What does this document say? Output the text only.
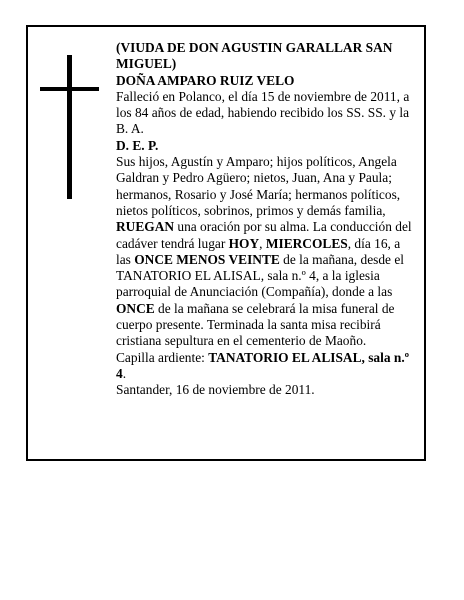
(VIUDA DE DON AGUSTIN GARALLAR SAN MIGUEL)

DOÑA AMPARO RUIZ VELO

Falleció en Polanco, el día 15 de noviembre de 2011, a los 84 años de edad, habiendo recibido los SS. SS. y la B. A.

D. E. P.

Sus hijos, Agustín y Amparo; hijos políticos, Angela Galdran y Pedro Agüero; nietos, Juan, Ana y Paula; hermanos, Rosario y José María; hermanos políticos, nietos políticos, sobrinos, primos y demás familia, RUEGAN una oración por su alma. La conducción del cadáver tendrá lugar HOY, MIERCOLES, día 16, a las ONCE MENOS VEINTE de la mañana, desde el TANATORIO EL ALISAL, sala n.º 4, a la iglesia parroquial de Anunciación (Compañía), donde a las ONCE de la mañana se celebrará la misa funeral de cuerpo presente. Terminada la santa misa recibirá cristiana sepultura en el cementerio de Maoño.

Capilla ardiente: TANATORIO EL ALISAL, sala n.º 4.

Santander, 16 de noviembre de 2011.
